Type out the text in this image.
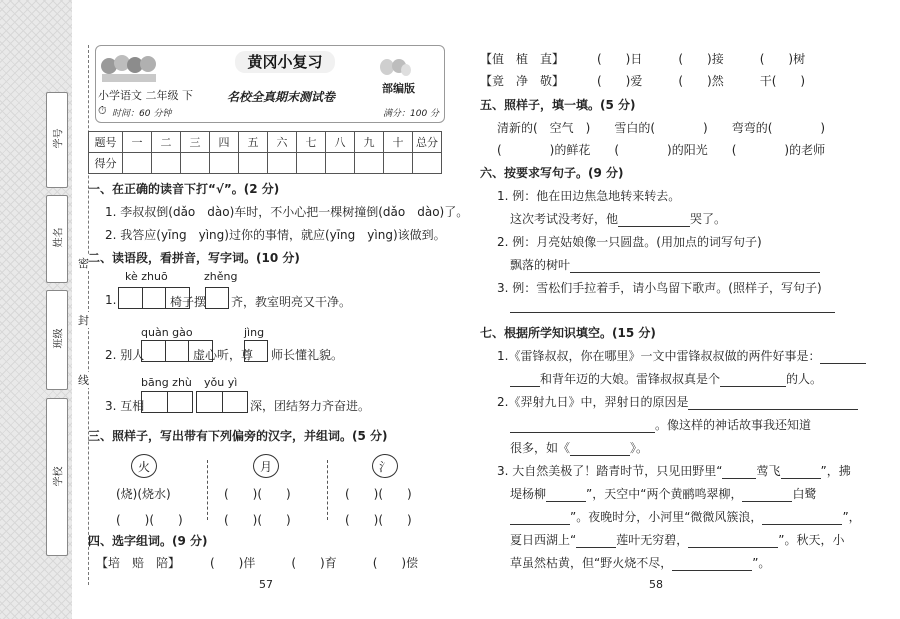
学号
姓名
班级
学校
密
封
线
黄冈小复习
部编版
小学语文 二年级 下	名校全真期末测试卷
⏱ 时间：60 分钟	满分：100 分
题号	一	二	三	四	五	六	七	八	九	十	总分
得分											
一、在正确的读音下打“√”。(2 分)
1. 李叔叔倒(dǎo　dào)车时，不小心把一棵树撞倒(dǎo　dào)了。
2. 我答应(yīng　yìng)过你的事情，就应(yīng　yìng)该做到。
二、读语段，看拼音，写字词。(10 分)
kè zhuō	zhěng
1.	椅子摆 齐，教室明亮又干净。
quàn gào	jìng
2. 别人	虚心听，尊 师长懂礼貌。
bāng zhù yǒu yì
3. 互相	深，团结努力齐奋进。
三、照样子，写出带有下列偏旁的汉字，并组词。(5 分)
火	月	氵
(烧)(烧水)	(　　)(　　)	(　　)(　　)
(　　)(　　)	(　　)(　　)	(　　)(　　)
四、选字组词。(9 分)
【培　赔　陪】 (　　)伴　　　(　　)育　　　(　　)偿
57
【值　植　直】	(　　)日　　　(　　)接　　　(　　)树
【竟　净　敬】	(　　)爱　　　(　　)然　　　干(　　)
五、照样子，填一填。(5 分)
清新的(　空气　)　　雪白的(　　　　)　　弯弯的(　　　　)
(　　　　)的鲜花　　(　　　　)的阳光　　(　　　　)的老师
六、按要求写句子。(9 分)
1. 例：他在田边焦急地转来转去。
这次考试没考好，他	哭了。
2. 例：月亮姑娘像一只圆盘。(用加点的词写句子)
飘落的树叶
3. 例：雪松们手拉着手，请小鸟留下歌声。(照样子，写句子)
七、根据所学知识填空。(15 分)
1.《雷锋叔叔，你在哪里》一文中雷锋叔叔做的两件好事是：
和背年迈的大娘。雷锋叔叔真是个	的人。
2.《羿射九日》中，羿射日的原因是
。像这样的神话故事我还知道
很多，如《	》。
3. 大自然美极了！踏青时节，只见田野里“	莺飞	”，拂
堤杨柳	”，天空中“两个黄鹂鸣翠柳，	白鹭
”。夜晚时分，小河里“微微风簇浪，	”，
夏日西湖上“	莲叶无穷碧，	”。秋天，小
草虽然枯黄，但“野火烧不尽，	”。
58
